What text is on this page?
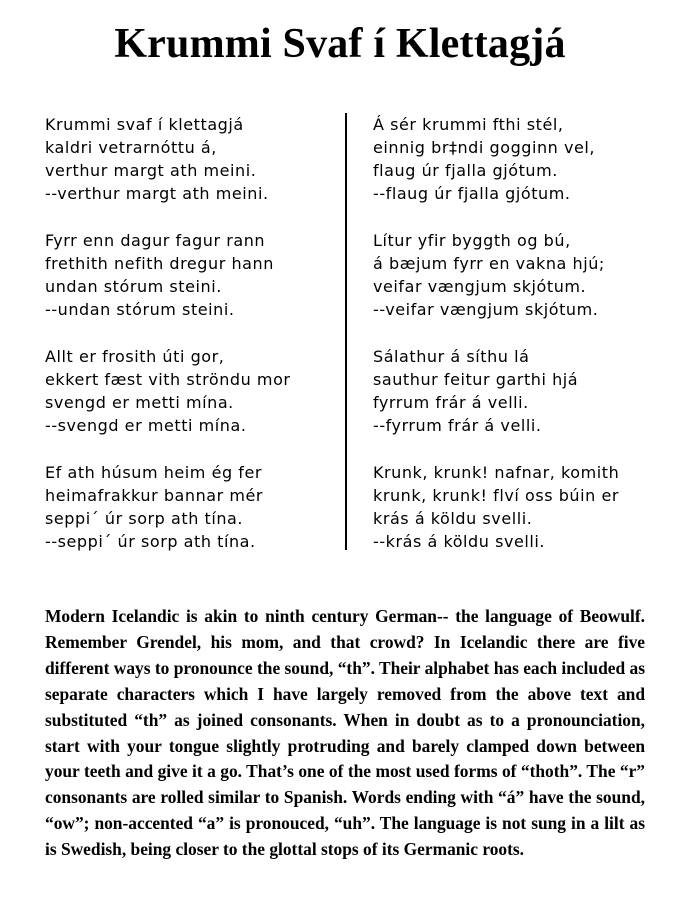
Krummi Svaf í Klettagjá
Krummi svaf í klettagjá
kaldri vetrarnóttu á,
verthur margt ath meini.
--verthur margt ath meini.
Fyrr enn dagur fagur rann
frethith nefith dregur hann
undan stórum steini.
--undan stórum steini.
Allt er frosith úti gor,
ekkert fæst vith ströndu mor
svengd er metti mína.
--svengd er metti mína.
Ef ath húsum heim ég fer
heimafrakkur bannar mér
seppi´ úr sorp ath tína.
--seppi´ úr sorp ath tína.
Á sér krummi fthi stél,
einnig br‡ndi gogginn vel,
flaug úr fjalla gjótum.
--flaug úr fjalla gjótum.
Lítur yfir byggth og bú,
á bæjum fyrr en vakna hjú;
veifar vængjum skjótum.
--veifar vængjum skjótum.
Sálathur á síthu lá
sauthur feitur garthi hjá
fyrrum frár á velli.
--fyrrum frár á velli.
Krunk, krunk! nafnar, komith
krunk, krunk! flví oss búin er
krás á köldu svelli.
--krás á köldu svelli.

Modern Icelandic is akin to ninth century German-- the language of Beowulf. Remember Grendel, his mom, and that crowd? In Icelandic there are five different ways to pronounce the sound, “th”. Their alphabet has each included as separate characters which I have largely removed from the above text and substituted “th” as joined consonants. When in doubt as to a pronounciation, start with your tongue slightly protruding and barely clamped down between your teeth and give it a go. That’s one of the most used forms of “thoth”. The “r” consonants are rolled similar to Spanish. Words ending with “á” have the sound, “ow”; non-accented “a” is pronouced, “uh”. The language is not sung in a lilt as is Swedish, being closer to the glottal stops of its Germanic roots.
